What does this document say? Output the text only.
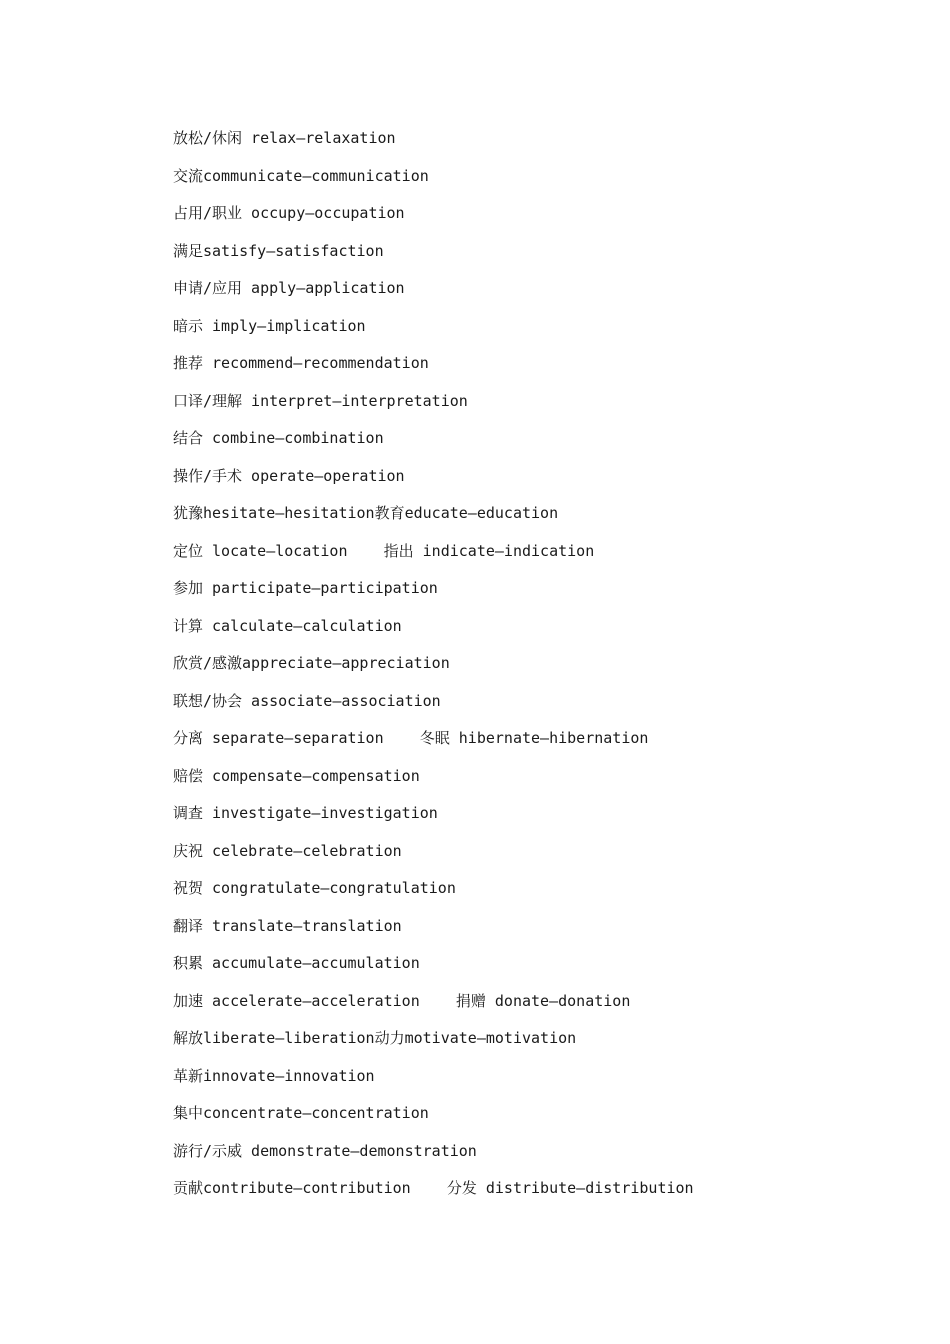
放松/休闲 relax—relaxation
交流communicate—communication
占用/职业 occupy—occupation
满足satisfy—satisfaction
申请/应用 apply—application
暗示 imply—implication
推荐 recommend—recommendation
口译/理解 interpret—interpretation
结合 combine—combination
操作/手术 operate—operation
犹豫hesitate—hesitation教育educate—education
定位 locate—location    指出 indicate—indication
参加 participate—participation
计算 calculate—calculation
欣赏/感激appreciate—appreciation
联想/协会 associate—association
分离 separate—separation    冬眠 hibernate—hibernation
赔偿 compensate—compensation
调查 investigate—investigation
庆祝 celebrate—celebration
祝贺 congratulate—congratulation
翻译 translate—translation
积累 accumulate—accumulation
加速 accelerate—acceleration    捐赠 donate—donation
解放liberate—liberation动力motivate—motivation
革新innovate—innovation
集中concentrate—concentration
游行/示威 demonstrate—demonstration
贡献contribute—contribution    分发 distribute—distribution
